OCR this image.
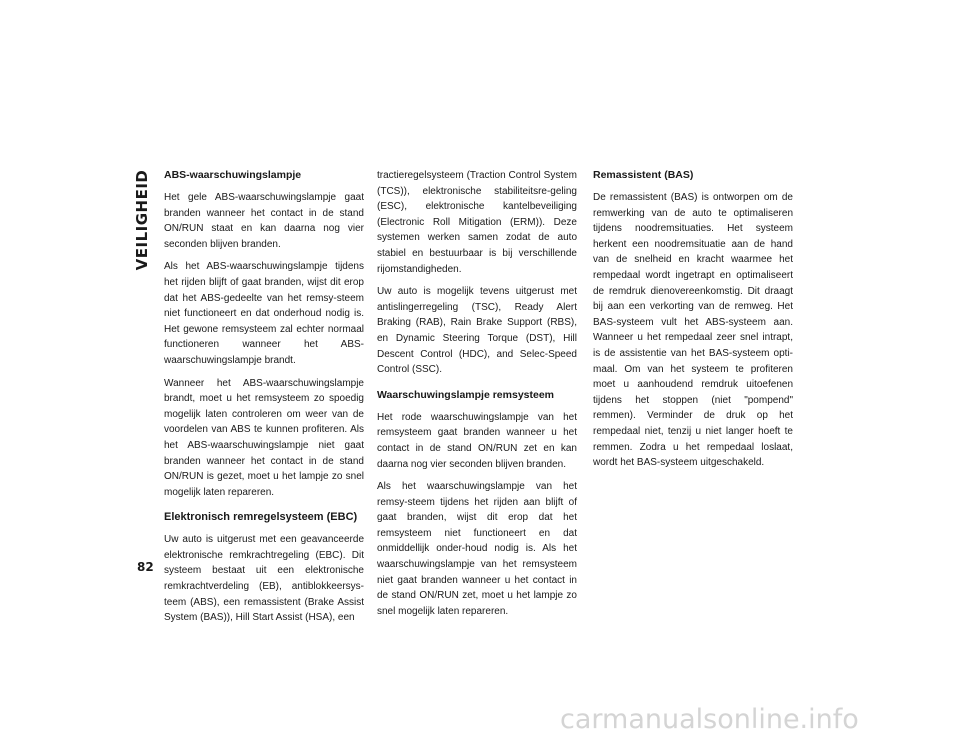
VEILIGHEID
82
ABS-waarschuwingslampje

Het gele ABS-waarschuwingslampje gaat branden wanneer het contact in de stand ON/RUN staat en kan daarna nog vier seconden blijven branden.

Als het ABS-waarschuwingslampje tijdens het rijden blijft of gaat branden, wijst dit erop dat het ABS-gedeelte van het remsy-steem niet functioneert en dat onderhoud nodig is. Het gewone remsysteem zal echter normaal functioneren wanneer het ABS-waarschuwingslampje brandt.

Wanneer het ABS-waarschuwingslampje brandt, moet u het remsysteem zo spoedig mogelijk laten controleren om weer van de voordelen van ABS te kunnen profiteren. Als het ABS-waarschuwingslampje niet gaat branden wanneer het contact in de stand ON/RUN is gezet, moet u het lampje zo snel mogelijk laten repareren.

Elektronisch remregelsysteem (EBC)

Uw auto is uitgerust met een geavanceerde elektronische remkrachtregeling (EBC). Dit systeem bestaat uit een elektronische remkrachtverdeling (EB), antiblokkeersys-teem (ABS), een remassistent (Brake Assist System (BAS)), Hill Start Assist (HSA), een

tractieregelsysteem (Traction Control System (TCS)), elektronische stabiliteitsre-geling (ESC), elektronische kantelbeveiliging (Electronic Roll Mitigation (ERM)). Deze systemen werken samen zodat de auto stabiel en bestuurbaar is bij verschillende rijomstandigheden.

Uw auto is mogelijk tevens uitgerust met antislingerregeling (TSC), Ready Alert Braking (RAB), Rain Brake Support (RBS), en Dynamic Steering Torque (DST), Hill Descent Control (HDC), and Selec-Speed Control (SSC).

Waarschuwingslampje remsysteem

Het rode waarschuwingslampje van het remsysteem gaat branden wanneer u het contact in de stand ON/RUN zet en kan daarna nog vier seconden blijven branden.

Als het waarschuwingslampje van het remsy-steem tijdens het rijden aan blijft of gaat branden, wijst dit erop dat het remsysteem niet functioneert en dat onmiddellijk onder-houd nodig is. Als het waarschuwingslampje van het remsysteem niet gaat branden wanneer u het contact in de stand ON/RUN zet, moet u het lampje zo snel mogelijk laten repareren.

Remassistent (BAS)

De remassistent (BAS) is ontworpen om de remwerking van de auto te optimaliseren tijdens noodremsituaties. Het systeem herkent een noodremsituatie aan de hand van de snelheid en kracht waarmee het rempedaal wordt ingetrapt en optimaliseert de remdruk dienovereenkomstig. Dit draagt bij aan een verkorting van de remweg. Het BAS-systeem vult het ABS-systeem aan. Wanneer u het rempedaal zeer snel intrapt, is de assistentie van het BAS-systeem opti-maal. Om van het systeem te profiteren moet u aanhoudend remdruk uitoefenen tijdens het stoppen (niet "pompend" remmen). Verminder de druk op het rempedaal niet, tenzij u niet langer hoeft te remmen. Zodra u het rempedaal loslaat, wordt het BAS-systeem uitgeschakeld.

carmanualsonline.info
